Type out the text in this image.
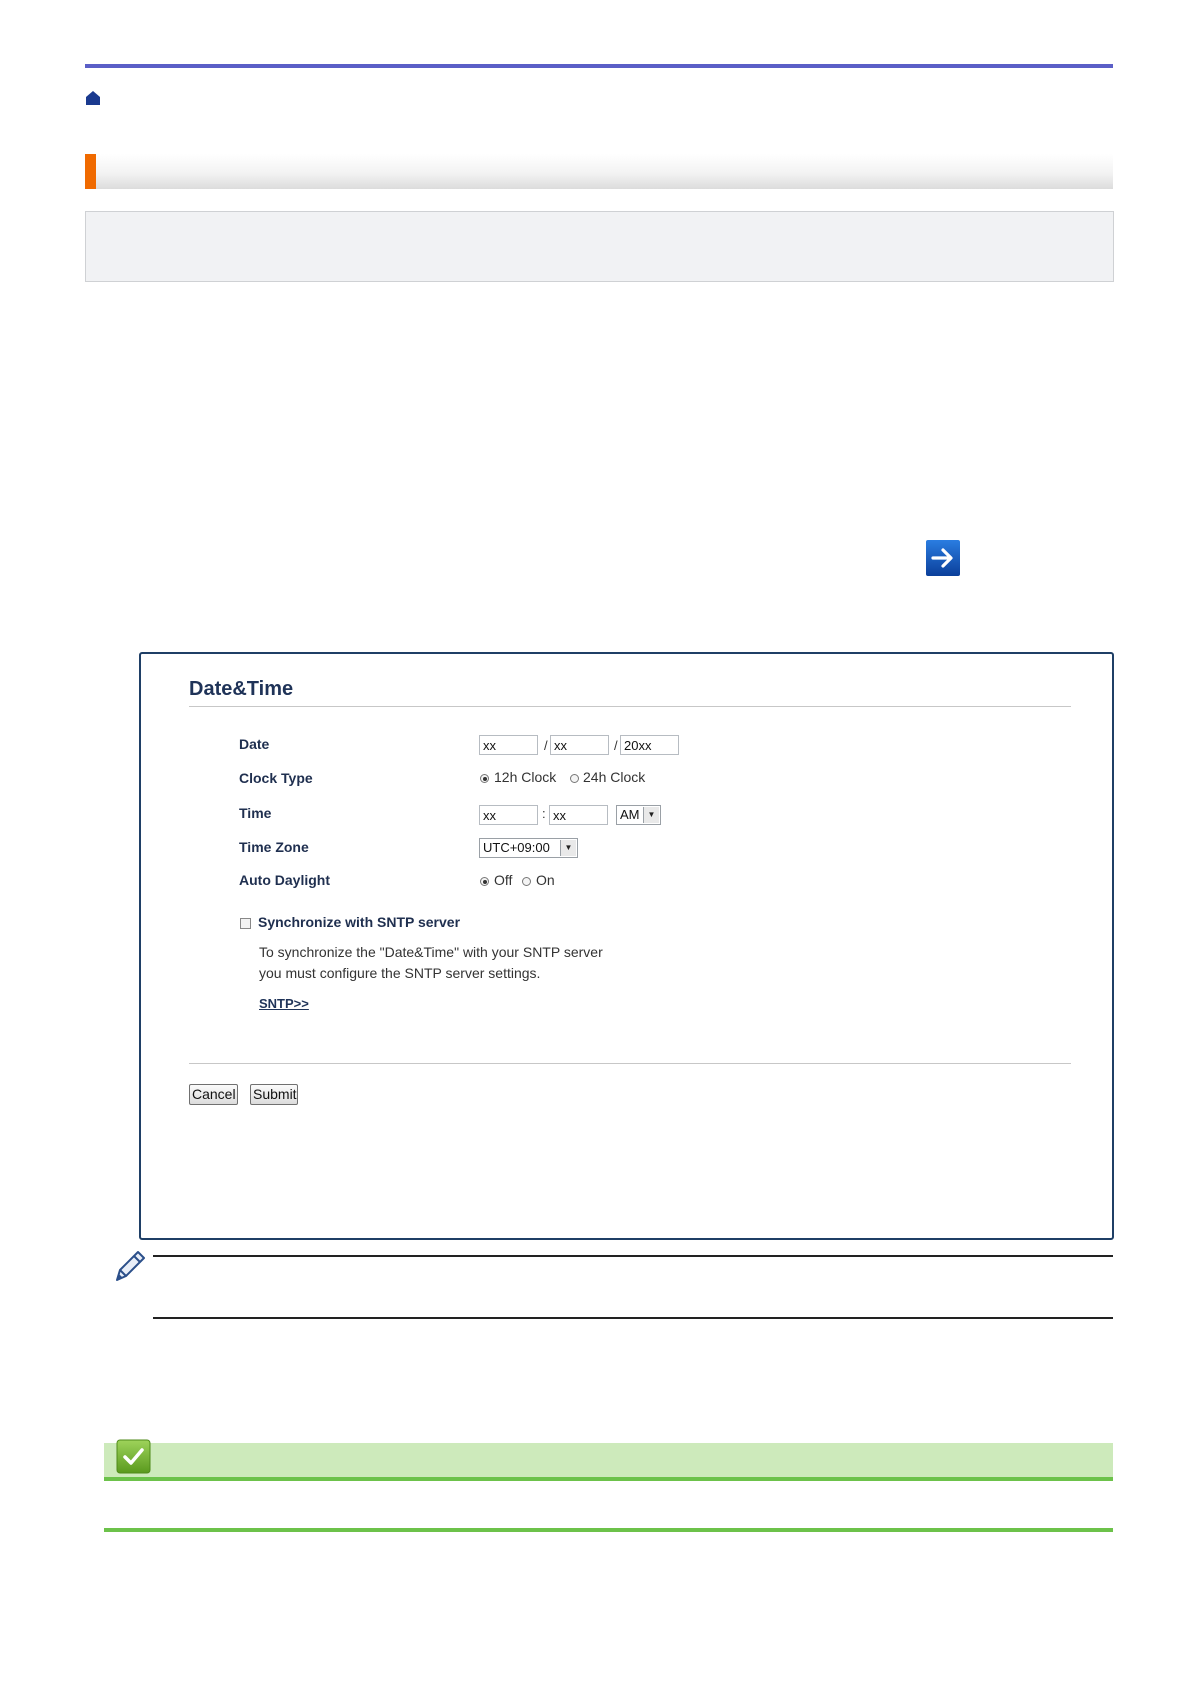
Date&Time
Date	xx	/ xx	/ 20xx
Clock Type	12h Clock 24h Clock
Time	xx	: xx	AM	▼
Time Zone	UTC+09:00	▼
Auto Daylight	Off On
Synchronize with SNTP server
To synchronize the "Date&Time" with your SNTP server
you must configure the SNTP server settings.
SNTP>>
Cancel Submit
